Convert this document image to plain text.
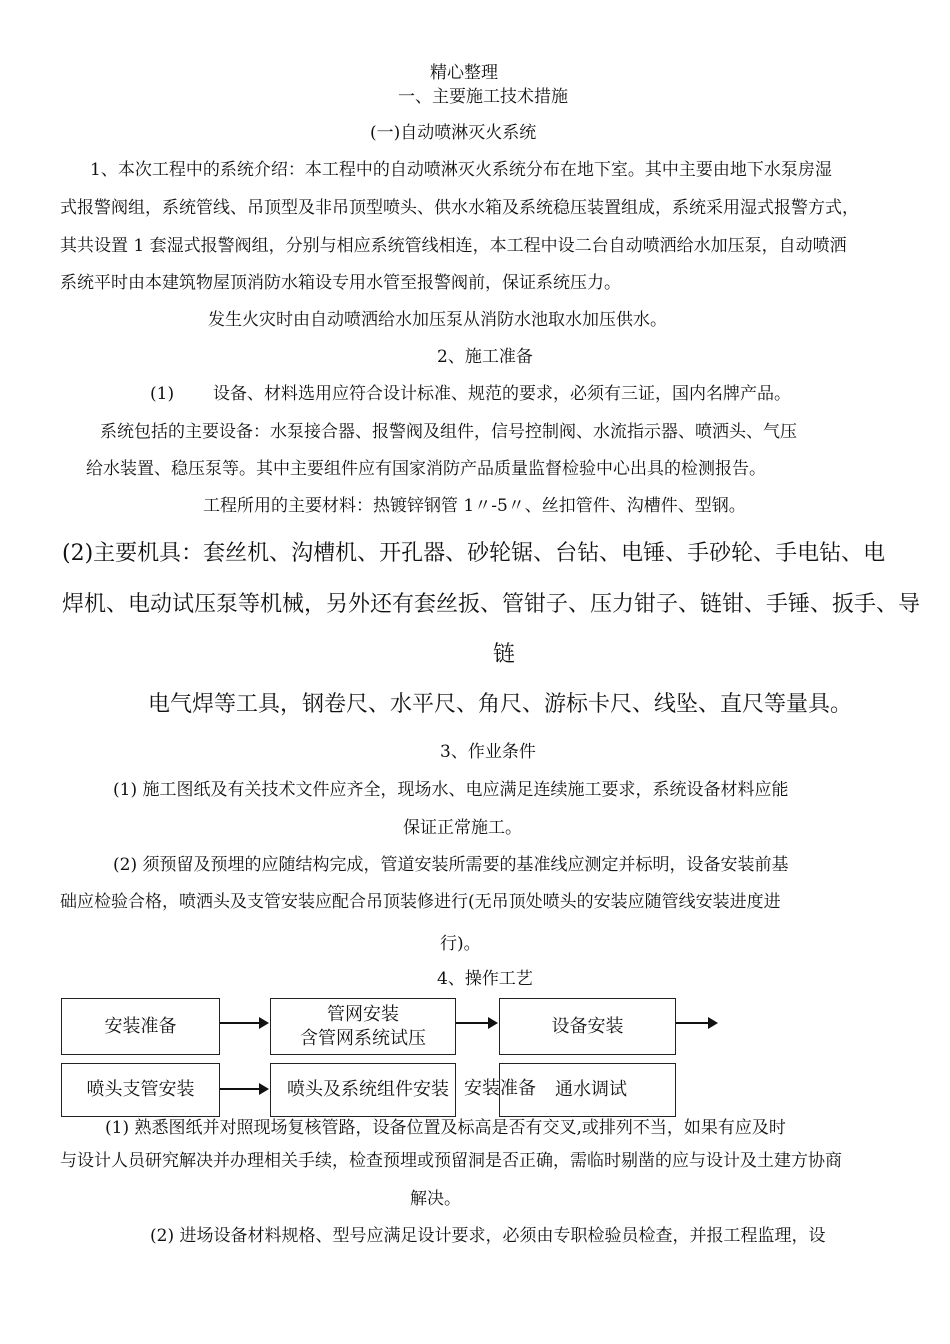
精心整理
一、主要施工技术措施
(一)自动喷淋灭火系统
1、本次工程中的系统介绍：本工程中的自动喷淋灭火系统分布在地下室。其中主要由地下水泵房湿
式报警阀组，系统管线、吊顶型及非吊顶型喷头、供水水箱及系统稳压装置组成，系统采用湿式报警方式，
其共设置 1 套湿式报警阀组，分别与相应系统管线相连，本工程中设二台自动喷洒给水加压泵，自动喷洒
系统平时由本建筑物屋顶消防水箱设专用水管至报警阀前，保证系统压力。
发生火灾时由自动喷洒给水加压泵从消防水池取水加压供水。
2、施工准备
(1) 设备、材料选用应符合设计标准、规范的要求，必须有三证，国内名牌产品。
系统包括的主要设备：水泵接合器、报警阀及组件，信号控制阀、水流指示器、喷洒头、气压
给水装置、稳压泵等。其中主要组件应有国家消防产品质量监督检验中心出具的检测报告。
工程所用的主要材料：热镀锌钢管 1〃-5〃、丝扣管件、沟槽件、型钢。
(2)主要机具：套丝机、沟槽机、开孔器、砂轮锯、台钻、电锤、手砂轮、手电钻、电
焊机、电动试压泵等机械，另外还有套丝扳、管钳子、压力钳子、链钳、手锤、扳手、导
链
电气焊等工具，钢卷尺、水平尺、角尺、游标卡尺、线坠、直尺等量具。
3、作业条件
(1) 施工图纸及有关技术文件应齐全，现场水、电应满足连续施工要求，系统设备材料应能
保证正常施工。
(2) 须预留及预埋的应随结构完成，管道安装所需要的基准线应测定并标明，设备安装前基
础应检验合格，喷洒头及支管安装应配合吊顶装修进行(无吊顶处喷头的安装应随管线安装进度进
行)。
4、操作工艺
安装准备
管网安装
含管网系统试压
设备安装
喷头支管安装	喷头及系统组件安装 安装准备 通水调试
(1) 熟悉图纸并对照现场复核管路，设备位置及标高是否有交叉,或排列不当，如果有应及时
与设计人员研究解决并办理相关手续，检查预埋或预留洞是否正确，需临时剔凿的应与设计及土建方协商
解决。
(2) 进场设备材料规格、型号应满足设计要求，必须由专职检验员检查，并报工程监理，设
